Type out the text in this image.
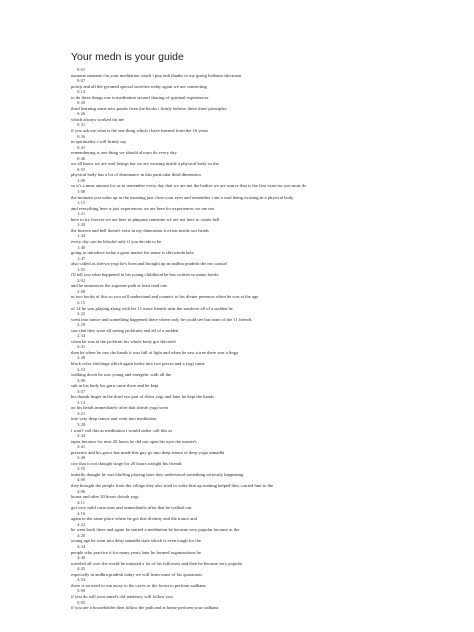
Your medn is your guide
0:01
namaste namaste i'm your meditation coach i pop indi thanks to my gurujj hothano shivtraan
0:07
potriji and all the pyramid special societies today again we are connecting
0:14
to do three things one is meditation second sharing of spiritual experiences
0:20
third learning some new points from the books i firmly believe these three principles
0:26
which always worked for me
0:31
if you ask me what is the one thing which i have learned from the 16 years
0:36
in spirituality i will firmly say
0:41
remembering is one thing we should always do every day
0:46
we all know we are soul beings but we are existing inside a physical body so the
0:55
physical body has a lot of dominance in this particular third dimension
1:00
so it's a must amusta for us to remember every day that we are not the bodies we are source that is the first exercise you must do
1:08
the moment you wake up in the morning just close your eyes and remember i am a soul being existing in a physical body
1:15
and everything here is just experiences we are here for experiences we are not
1:21
here to try forever we are here to pinpoint someone we are not here to create hell
1:28
the heaven and hell doesn't exist in my dimension it exists inside our heads
1:34
every day can be blissful only if you decide to be
1:40
going to introduce today a great master his name is shivwinda bela
1:47
also called as shivwa yogi he's born and brought up in andhra pradesh the ear coastal
1:55
i'll tell you what happened in his young childhood he has written so many books
2:02
and he announces the supreme path at least read one
2:08
in two books of this so you will understand and connect to his divine presence when he was at the age
2:15
of 14 he was playing along with his 11 more friends near the seashore all of a sudden he
2:22
went into trance and something happened there where only he could see but none of the 11 friends
2:29
saw that they were all seeing jackfruits and all of a sudden
2:34
when he was at the jackfruit his whole body got shivered
2:41
then he when he saw the hands it was full of light and when he saw a tree there was a linga
2:48
black color shivlinga which again broke into two pieces and a yogi came
2:53
walking down he was young and energetic with all the
3:00
sub in his body his guru came there and he kept
3:07
his thumb finger in the third eye part of shiva yogi and later he kept the hands
3:14
on his heads immediately after that shivah yogi went
3:21
into very deep trance and went into meditation
3:28
i won't call this as meditation i would rather call this as
3:34
tapas because for next 20 hours he did not open his eyes the master's
3:41
presence and his grace has made this guy go into deep trance or deep yoga samadhi
3:49
city that is not thought stage for 20 hours straight his friends
3:55
initially thought he was bluffing playing later they understood something seriously happening
4:00
they brought the people from the village they also tried to wake him up nothing helped they carried him to the
4:06
house and after 20 hours shivah yogi
4:11
got very mild conscious and immediately after that he walked out
4:16
again to the same place where he got that divinity and the trance and
4:22
he went back there and again he started a meditation he became very popular because at the
4:28
young age he went into deep samadhi state which is even tough for the
4:34
people who practice it for many years later he formed organizations he
4:40
traveled all over the world he initiated a lot of his followers and then he became very popular
4:45
especially in andhra pradesh today we will learn some of his quotations
4:54
there is no need to run away to the caves or the forest to perform sadhana
5:00
if you do still your mind's old tendency will follow you
5:05
if you are a householder then follow the path and at home perform your sadhana
